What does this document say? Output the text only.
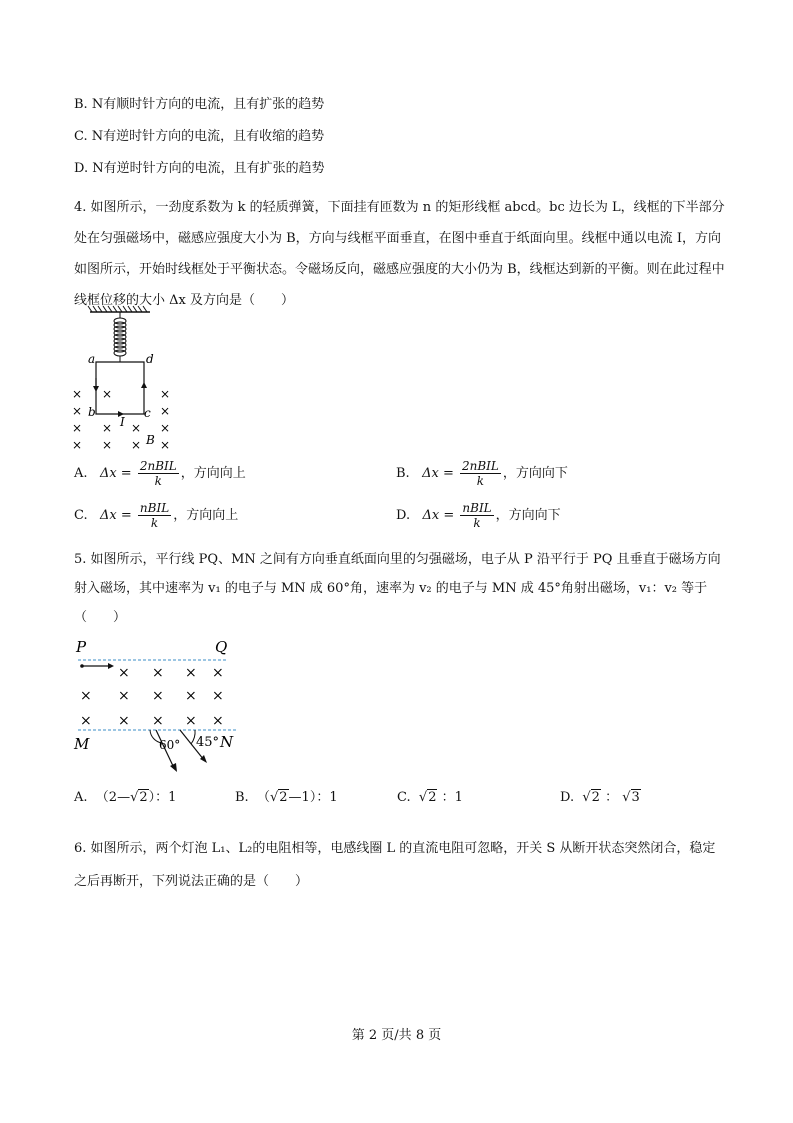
B. N有顺时针方向的电流，且有扩张的趋势
C. N有逆时针方向的电流，且有收缩的趋势
D. N有逆时针方向的电流，且有扩张的趋势
4. 如图所示，一劲度系数为 k 的轻质弹簧，下面挂有匝数为 n 的矩形线框 abcd。bc 边长为 L，线框的下半部分处在匀强磁场中，磁感应强度大小为 B，方向与线框平面垂直，在图中垂直于纸面向里。线框中通以电流 I，方向如图所示，开始时线框处于平衡状态。令磁场反向，磁感应强度的大小仍为 B，线框达到新的平衡。则在此过程中线框位移的大小 Δx 及方向是（　　）
a	d
b	c
I
B
× ×	×
×	×
× × × ×
× × × ×
A. $\Delta x = \frac{\text{2nBIL}}{k}$ ，方向向上	B. $\Delta x = \frac{\text{2nBIL}}{k}$ ，方向向下
C. $\Delta x = \frac{\text{nBIL}}{k}$ ，方向向上	D. $\Delta x = \frac{\text{nBIL}}{k}$ ，方向向下
5. 如图所示，平行线 PQ、MN 之间有方向垂直纸面向里的匀强磁场，电子从 P 沿平行于 PQ 且垂直于磁场方向射入磁场，其中速率为 v₁ 的电子与 MN 成 60°角，速率为 v₂ 的电子与 MN 成 45°角射出磁场，v₁：v₂ 等于（　　）
P	Q
× × × ×
× × × × ×
× × × × ×
60° 45°
M	N
A. （2—√2）：1	B. （√2—1）：1	C. √2 ：1	D. √2 ： √3
6. 如图所示，两个灯泡 L₁、L₂的电阻相等，电感线圈 L 的直流电阻可忽略，开关 S 从断开状态突然闭合，稳定之后再断开，下列说法正确的是（　　）
第 2 页/共 8 页
